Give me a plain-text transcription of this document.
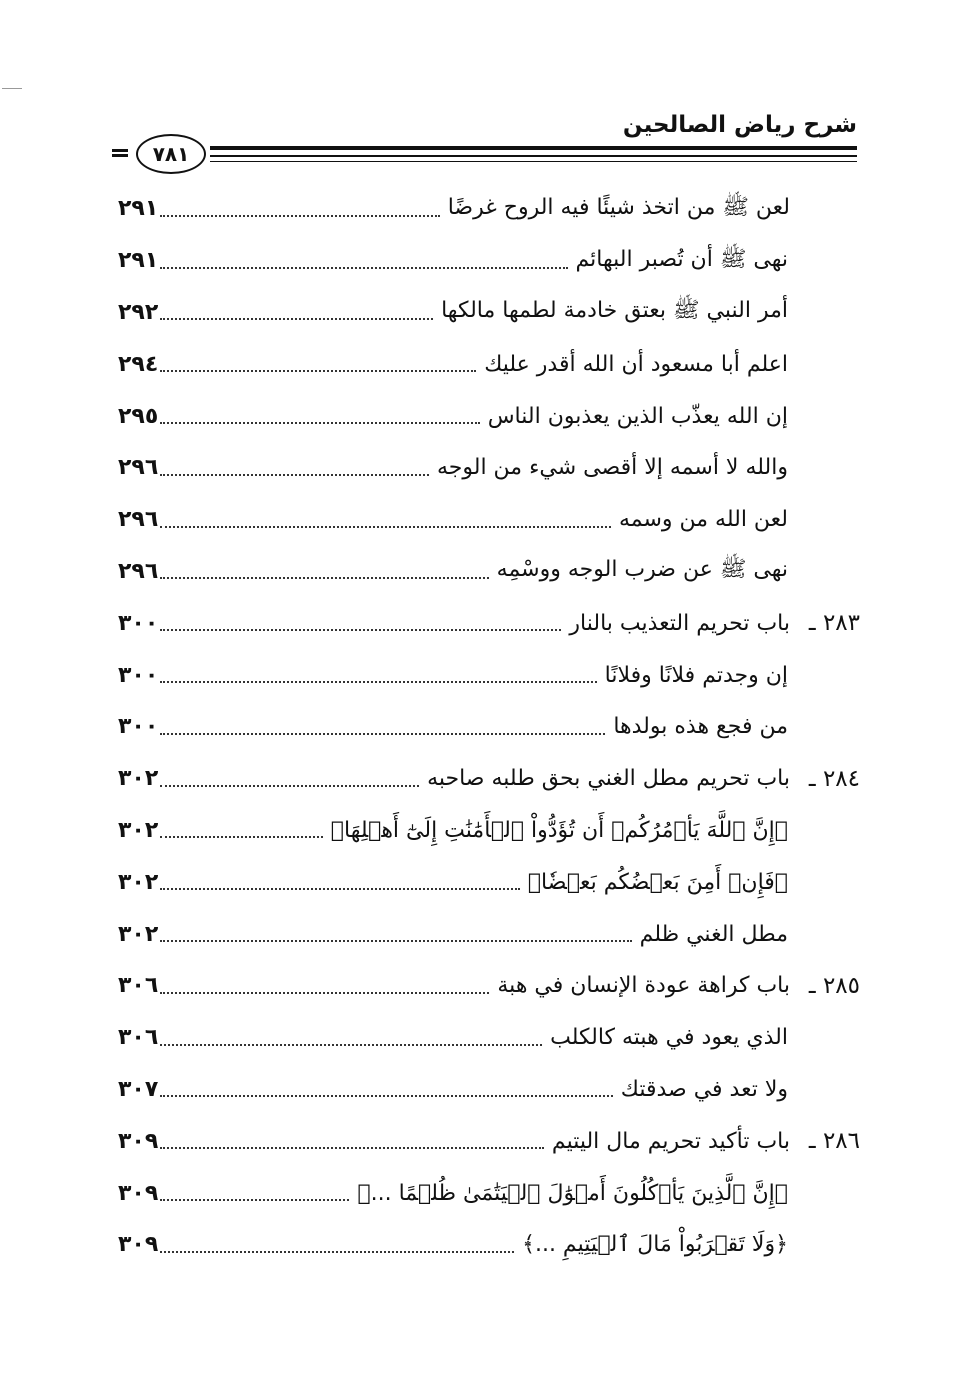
شرح رياض الصالحين
٧٨١
لعن ﷺ من اتخذ شيئًا فيه الروح غرضًا
٢٩١
نهى ﷺ أن تُصبر البهائم
٢٩١
أمر النبي ﷺ بعتق خادمة لطمها مالكها
٢٩٢
اعلم أبا مسعود أن الله أقدر عليك
٢٩٤
إن الله يعذّب الذين يعذبون الناس
٢٩٥
والله لا أسمه إلا أقصى شيء من الوجه
٢٩٦
لعن الله من وسمه
٢٩٦
نهى ﷺ عن ضرب الوجه ووسْمِه
٢٩٦
٢٨٣ ـ
باب تحريم التعذيب بالنار
٣٠٠
إن وجدتم فلانًا وفلانًا
٣٠٠
من فجع هذه بولدها
٣٠٠
٢٨٤ ـ
باب تحريم مطل الغني بحق طلبه صاحبه
٣٠٢
﴿إِنَّ ٱللَّهَ يَأۡمُرُكُمۡ أَن تُؤَدُّواْ ٱلۡأَمَٰنَٰتِ إِلَىٰٓ أَهۡلِهَا﴾
٣٠٢
﴿فَإِنۡ أَمِنَ بَعۡضُكُم بَعۡضٗا﴾
٣٠٢
مطل الغني ظلم
٣٠٢
٢٨٥ ـ
باب كراهة عودة الإنسان في هبة
٣٠٦
الذي يعود في هبته كالكلب
٣٠٦
ولا تعد في صدقتك
٣٠٧
٢٨٦ ـ
باب تأكيد تحريم مال اليتيم
٣٠٩
﴿إِنَّ ٱلَّذِينَ يَأۡكُلُونَ أَمۡوَٰلَ ٱلۡيَتَٰمَىٰ ظُلۡمًا ...﴾
٣٠٩
﴿وَلَا تَقۡرَبُواْ مَالَ ٱلۡيَتِيمِ ...﴾
٣٠٩
